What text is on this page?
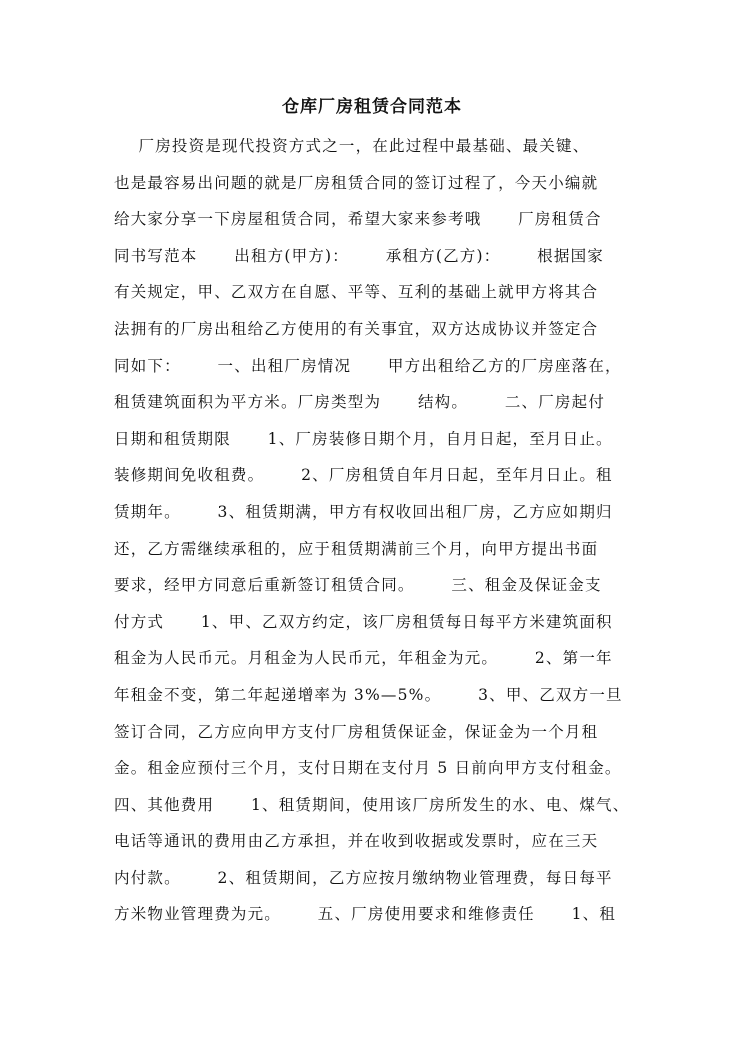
仓库厂房租赁合同范本
厂房投资是现代投资方式之一，在此过程中最基础、最关键、
也是最容易出问题的就是厂房租赁合同的签订过程了，今天小编就
给大家分享一下房屋租赁合同，希望大家来参考哦      厂房租赁合
同书写范本      出租方(甲方)：      承租方(乙方)：      根据国家
有关规定，甲、乙双方在自愿、平等、互利的基础上就甲方将其合
法拥有的厂房出租给乙方使用的有关事宜，双方达成协议并签定合
同如下：      一、出租厂房情况      甲方出租给乙方的厂房座落在，
租赁建筑面积为平方米。厂房类型为      结构。      二、厂房起付
日期和租赁期限      1、厂房装修日期个月，自月日起，至月日止。
装修期间免收租费。      2、厂房租赁自年月日起，至年月日止。租
赁期年。      3、租赁期满，甲方有权收回出租厂房，乙方应如期归
还，乙方需继续承租的，应于租赁期满前三个月，向甲方提出书面
要求，经甲方同意后重新签订租赁合同。      三、租金及保证金支
付方式      1、甲、乙双方约定，该厂房租赁每日每平方米建筑面积
租金为人民币元。月租金为人民币元，年租金为元。      2、第一年
年租金不变，第二年起递增率为 3%—5%。      3、甲、乙双方一旦
签订合同，乙方应向甲方支付厂房租赁保证金，保证金为一个月租
金。租金应预付三个月，支付日期在支付月 5 日前向甲方支付租金。
四、其他费用      1、租赁期间，使用该厂房所发生的水、电、煤气、
电话等通讯的费用由乙方承担，并在收到收据或发票时，应在三天
内付款。      2、租赁期间，乙方应按月缴纳物业管理费，每日每平
方米物业管理费为元。      五、厂房使用要求和维修责任      1、租
